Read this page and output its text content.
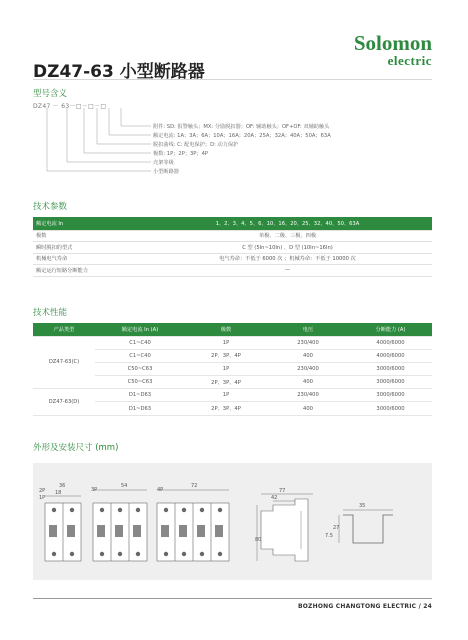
Solomon
electric
DZ47-63 小型断路器
型号含义
DZ47 － 63－□－□－□
附件: SD: 报警触头；MX: 分励脱扣器；OF: 辅助触头；OF+OF: 双辅助触头
额定电流: 1A；3A；6A；10A；16A；20A；25A；32A；40A；50A；63A
脱扣曲线: C: 配电保护；D: 动力保护
极数: 1P；2P；3P；4P
壳架等级
小型断路器
技术参数
额定电流 In	1、2、3、4、5、6、10、16、20、25、32、40、50、63A
极数	单极、二极、三极、四极
瞬时脱扣的型式	C 型 (5In~10In) 、D 型 (10In~16In)
机械电气寿命	电气寿命：不低于 6000 次 ；机械寿命：不低于 10000 次
额定运行短路分断能力	—
技术性能
产品类型	额定电流 In (A)	极数	电压	分断能力 (A)
DZ47-63(C)	C1~C40	1P	230/400	4000/6000
	C1~C40	2P、3P、4P	400	4000/6000
	C50~C63	1P	230/400	3000/6000
	C50~C63	2P、3P、4P	400	3000/6000
DZ47-63(D)	D1~D63	1P	230/400	3000/6000
	D1~D63	2P、3P、4P	400	3000/6000
外形及安装尺寸 (mm)
2P
1P
36
18	3P
54
4P
72
77
42
80
35
27
7.5
BOZHONG CHANGTONG ELECTRIC / 24
